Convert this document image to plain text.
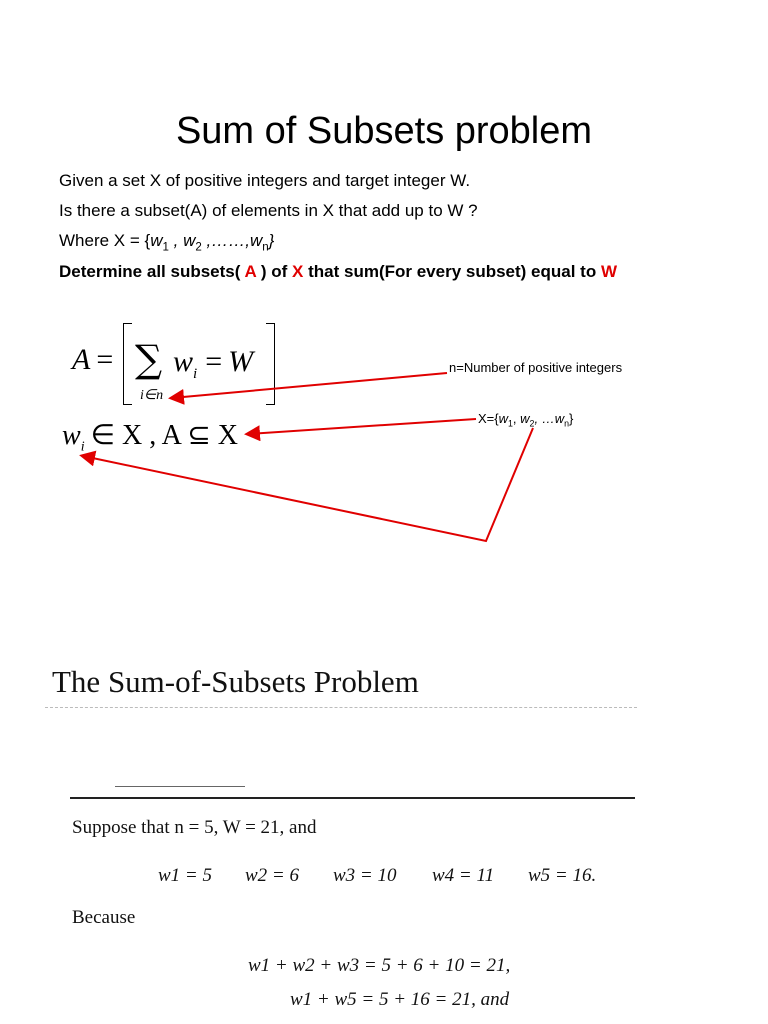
Sum of Subsets problem
Given a set X of positive integers and target integer W.
Is there a subset(A) of elements in X that add up to W ?
Where $X = \{w_1$ , $w_2$ $,\dots\dots,w_n$}
Determine all subsets( A ) of X that sum(For every subset) equal to W
A = ∑ $w_i = W$
i∈n
$w_i$ ∈ X , A ⊆ X
n=Number of positive integers
$X=\{w_1$, $w_2$, $\dots w_n$}
The Sum-of-Subsets Problem
Suppose that n = 5, W = 21, and
w1 = 5 w2 = 6 w3 = 10 w4 = 11 w5 = 16.
Because
w1 + w2 + w3 = 5 + 6 + 10 = 21,
w1 + w5 = 5 + 16 = 21, and
